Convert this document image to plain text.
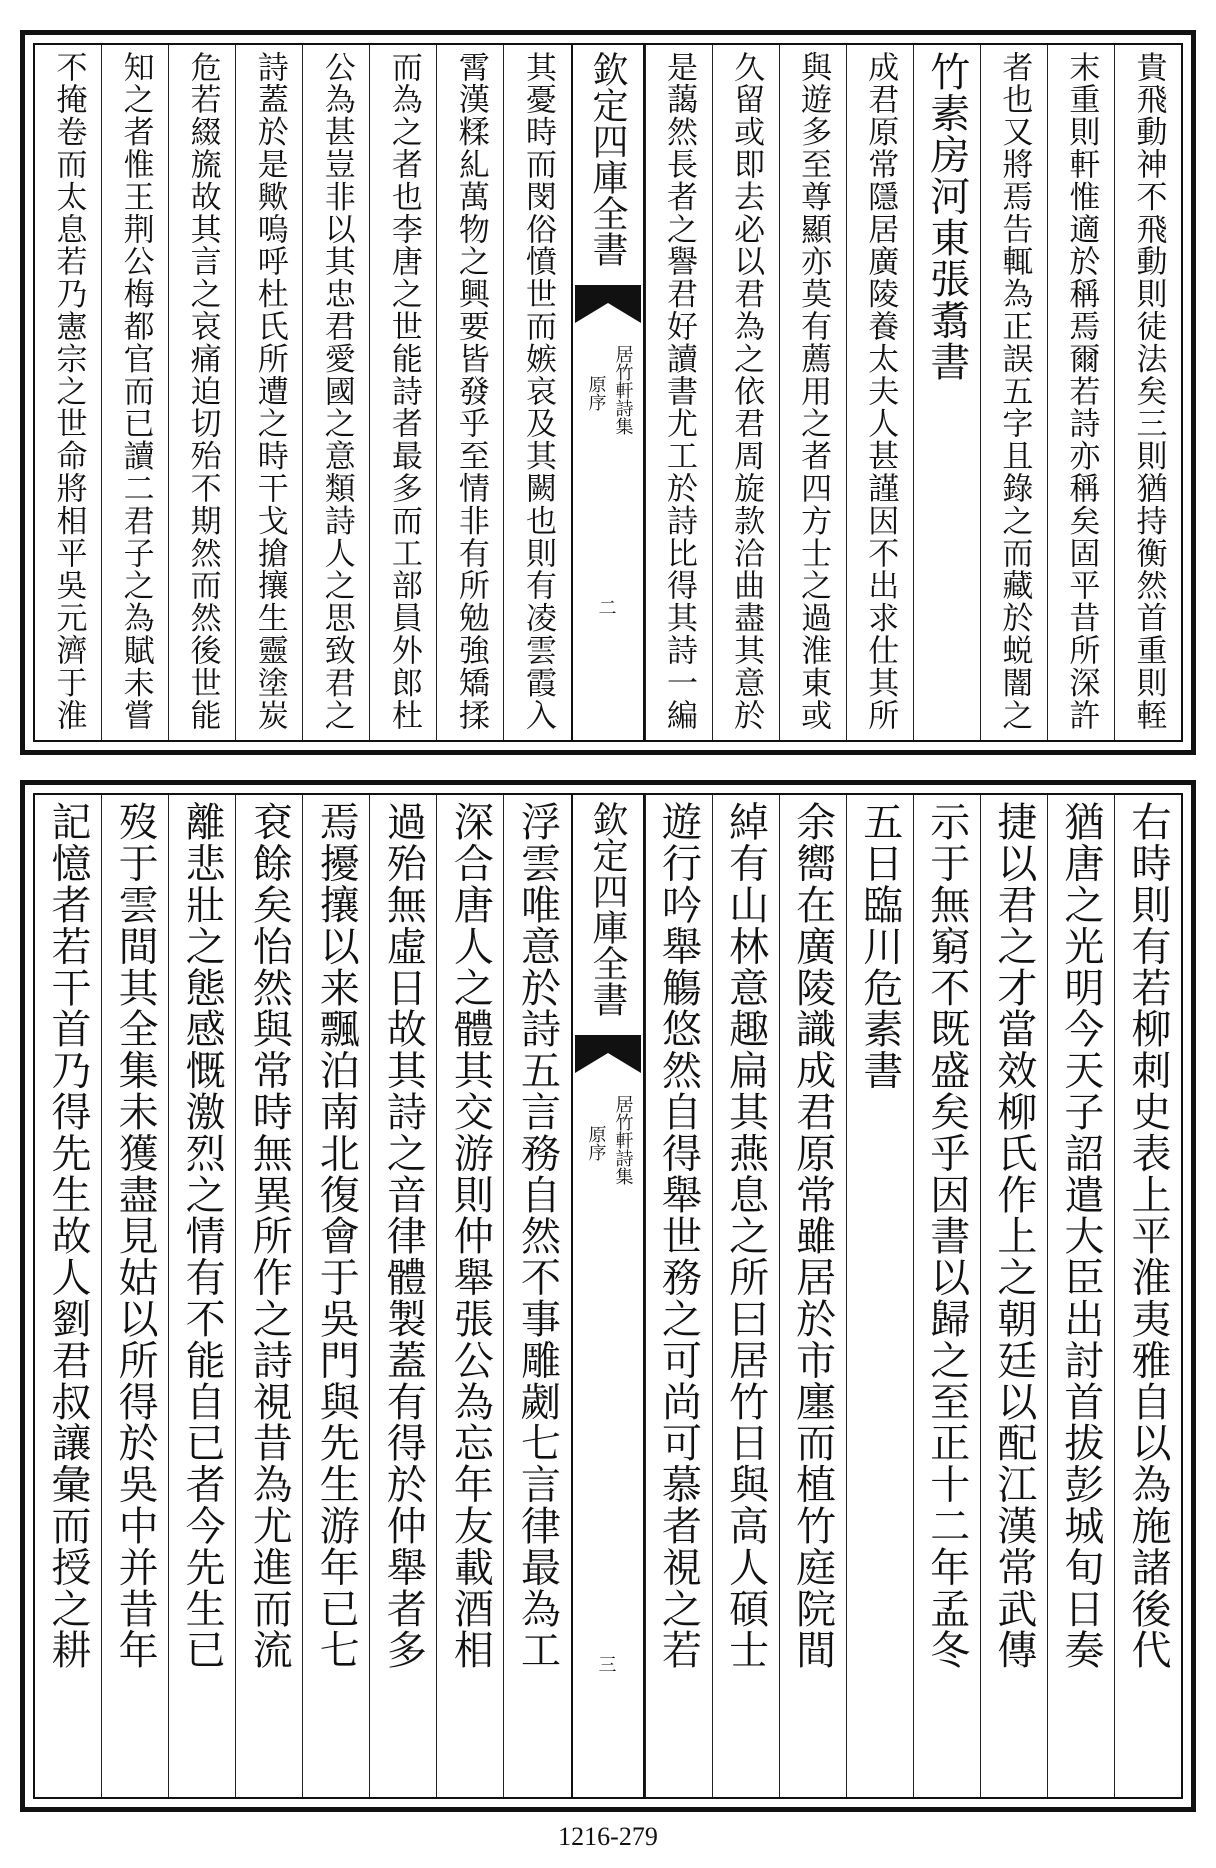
貴飛動神不飛動則徒法矣三則猶持衡然首重則輊
末重則軒惟適於稱焉爾若詩亦稱矣固平昔所深許
者也又將焉告輒為正誤五字且錄之而藏於蜕闇之
竹素房河東張翥書
成君原常隱居廣陵養太夫人甚謹因不出求仕其所
與遊多至尊顯亦莫有薦用之者四方士之過淮東或
久留或即去必以君為之依君周旋款洽曲盡其意於
是藹然長者之譽君好讀書尤工於詩比得其詩一編
欽定四庫全書
居竹軒詩集
原序
二
其憂時而閔俗憤世而嫉哀及其闕也則有凌雲霞入
霄漢糅糺萬物之興要皆發乎至情非有所勉強矯揉
而為之者也李唐之世能詩者最多而工部員外郎杜
公為甚豈非以其忠君愛國之意類詩人之思致君之
詩蓋於是歟嗚呼杜氏所遭之時干戈搶攘生靈塗炭
危若綴旒故其言之哀痛迫切殆不期然而然後世能
知之者惟王荆公梅都官而已讀二君子之為賦未嘗
不掩卷而太息若乃憲宗之世命將相平吳元濟于淮
右時則有若柳刺史表上平淮夷雅自以為施諸後代
猶唐之光明今天子詔遣大臣出討首拔彭城旬日奏
捷以君之才當效柳氏作上之朝廷以配江漢常武傳
示于無窮不既盛矣乎因書以歸之至正十二年孟冬
五日臨川危素書
余嚮在廣陵識成君原常雖居於市廛而植竹庭院間
綽有山林意趣扁其燕息之所曰居竹日與高人碩士
遊行吟舉觴悠然自得舉世務之可尚可慕者視之若
欽定四庫全書
居竹軒詩集
原序
三
浮雲唯意於詩五言務自然不事雕劌七言律最為工
深合唐人之體其交游則仲舉張公為忘年友載酒相
過殆無虛日故其詩之音律體製蓋有得於仲舉者多
焉擾攘以来飄泊南北復會于吳門與先生游年已七
袞餘矣怡然與常時無異所作之詩視昔為尤進而流
離悲壯之態感慨激烈之情有不能自已者今先生已
歿于雲間其全集未獲盡見姑以所得於吳中并昔年
記憶者若干首乃得先生故人劉君叔讓彙而授之耕
1216-279
